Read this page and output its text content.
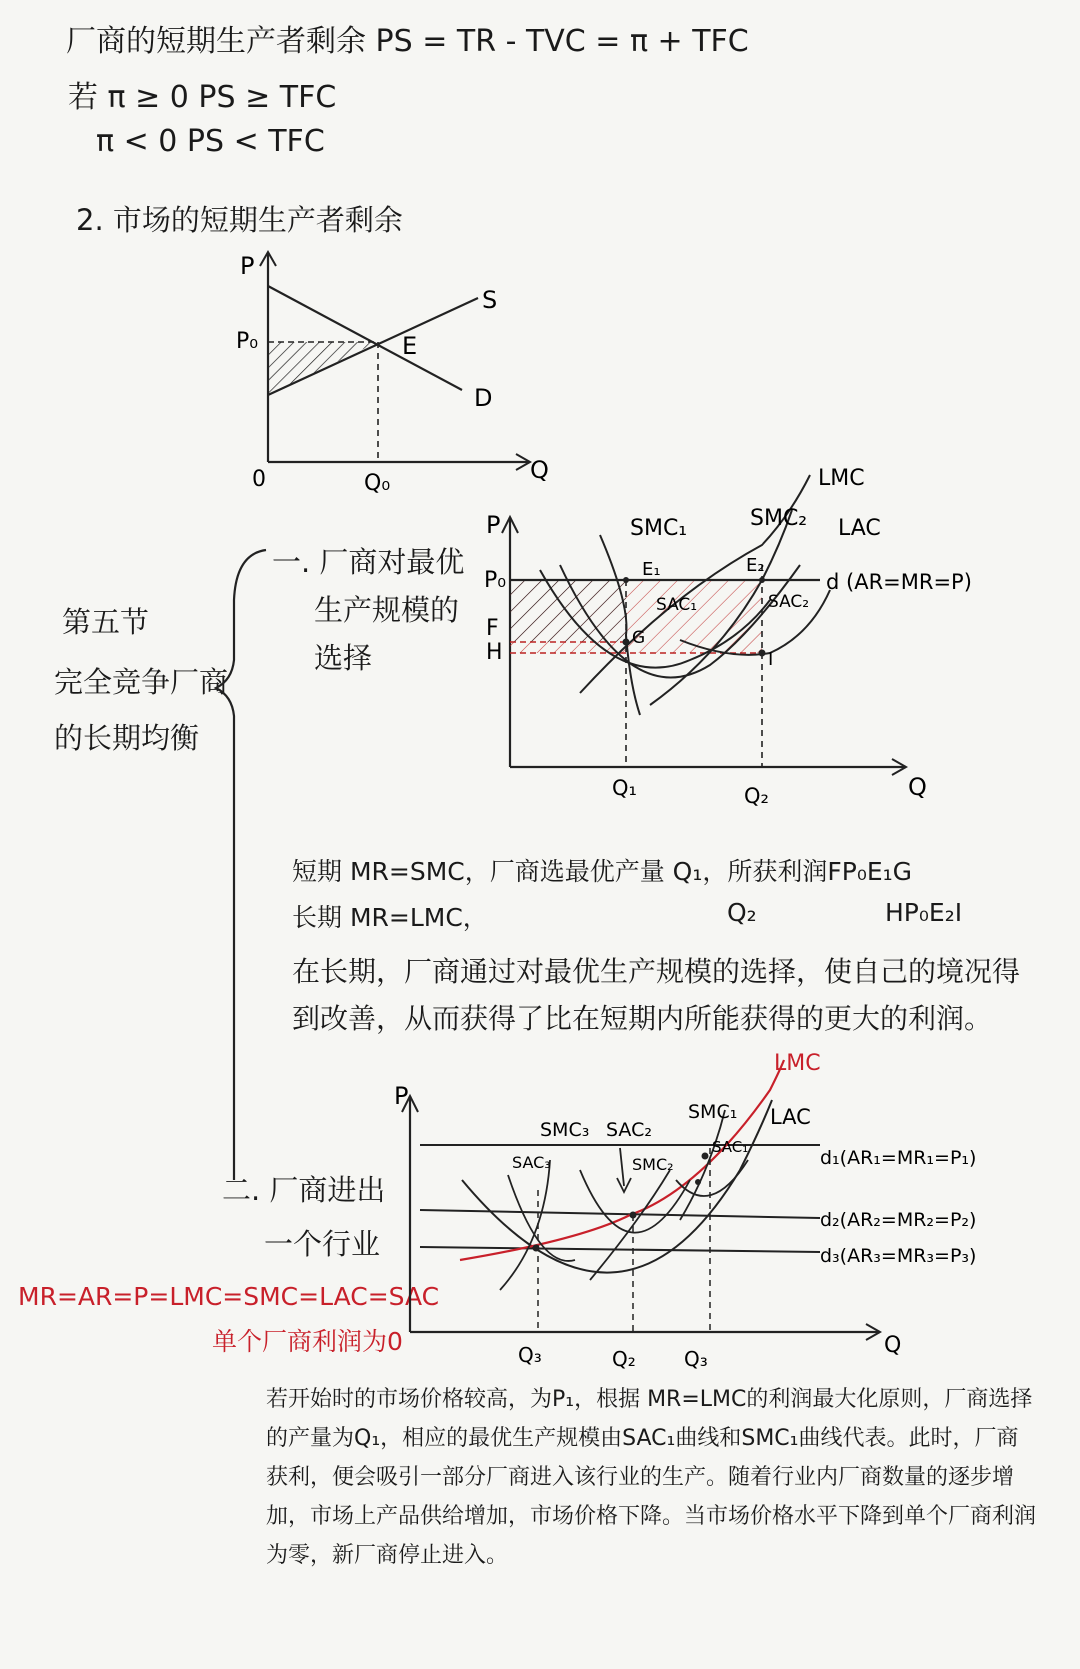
厂商的短期生产者剩余 PS = TR - TVC = π + TFC
若 π ≥ 0 PS ≥ TFC
π < 0 PS < TFC
2. 市场的短期生产者剩余
P
P₀	E
S
D
0	Q₀	Q
第五节
完全竞争厂商
的长期均衡
一. 厂商对最优
生产规模的
选择
P
P₀
F
H
SMC₁	SMC₂
LMC
LAC
E₁	E₂
SAC₁	SAC₂
G
I
d (AR=MR=P)
Q₁	Q₂	Q
短期 MR=SMC，厂商选最优产量 Q₁，所获利润FP₀E₁G
长期 MR=LMC，	Q₂	HP₀E₂I
在长期，厂商通过对最优生产规模的选择，使自己的境况得到改善，从而获得了比在短期内所能获得的更大的利润。
二. 厂商进出
一个行业
MR=AR=P=LMC=SMC=LAC=SAC
单个厂商利润为0
P
LMC
LAC
SMC₁
SMC₃ SAC₂
SAC₃	SMC₂
SAC₁	d₁(AR₁=MR₁=P₁)
d₂(AR₂=MR₂=P₂)
d₃(AR₃=MR₃=P₃)
Q₃	Q₂ Q₃
Q
若开始时的市场价格较高，为P₁，根据 MR=LMC的利润最大化原则，厂商选择的产量为Q₁，相应的最优生产规模由SAC₁曲线和SMC₁曲线代表。此时，厂商获利，便会吸引一部分厂商进入该行业的生产。随着行业内厂商数量的逐步增加，市场上产品供给增加，市场价格下降。当市场价格水平下降到单个厂商利润为零，新厂商停止进入。
